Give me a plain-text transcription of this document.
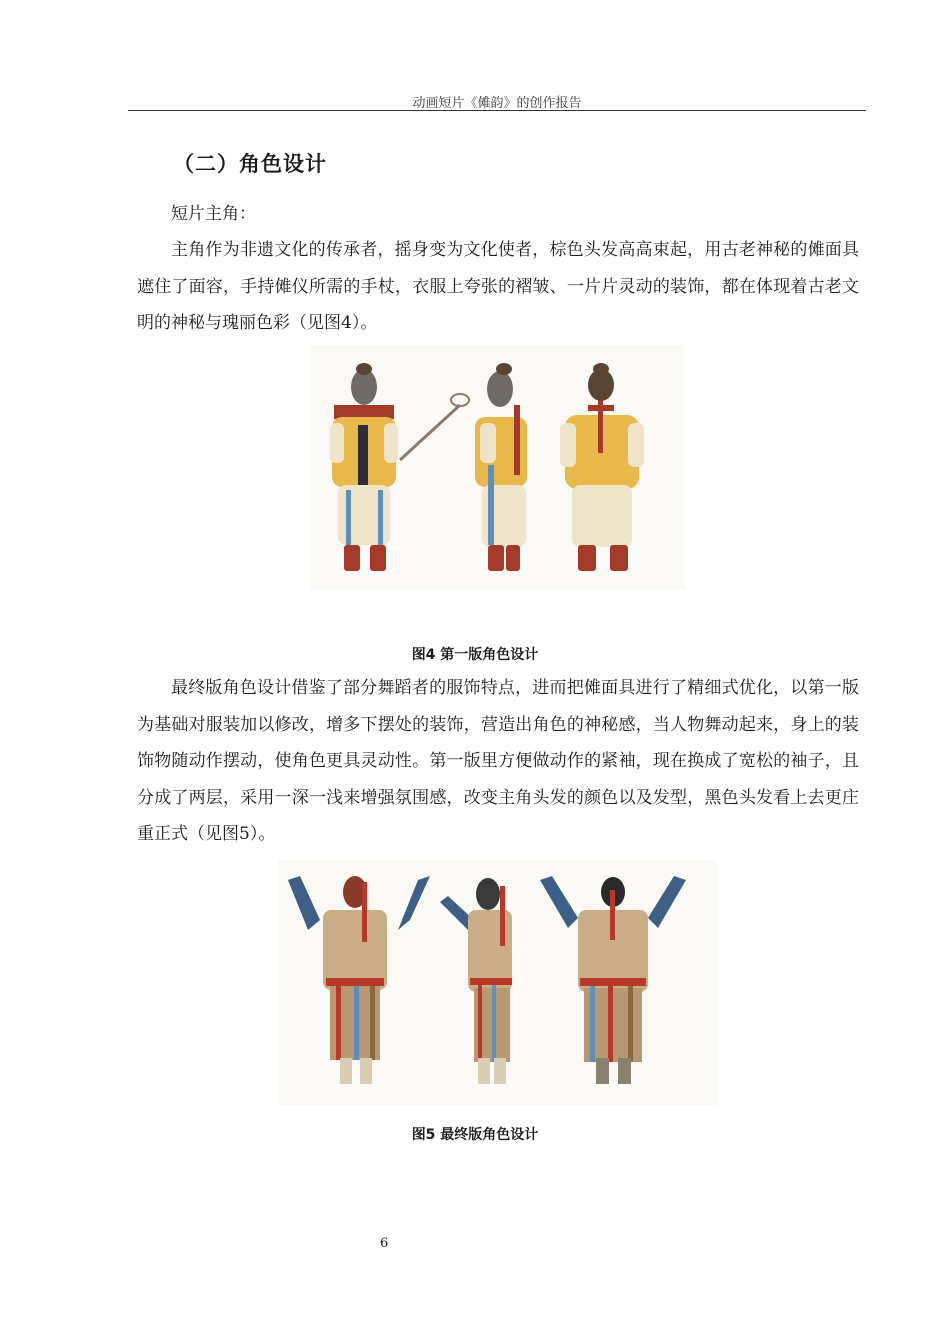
动画短片《傩韵》的创作报告
（二）角色设计

短片主角：

主角作为非遗文化的传承者，摇身变为文化使者，棕色头发高高束起，用古老神秘的傩面具遮住了面容，手持傩仪所需的手杖，衣服上夸张的褶皱、一片片灵动的装饰，都在体现着古老文明的神秘与瑰丽色彩（见图4）。

图4 第一版角色设计

最终版角色设计借鉴了部分舞蹈者的服饰特点，进而把傩面具进行了精细式优化，以第一版为基础对服装加以修改，增多下摆处的装饰，营造出角色的神秘感，当人物舞动起来，身上的装饰物随动作摆动，使角色更具灵动性。第一版里方便做动作的紧袖，现在换成了宽松的袖子，且分成了两层，采用一深一浅来增强氛围感，改变主角头发的颜色以及发型，黑色头发看上去更庄重正式（见图5）。

图5 最终版角色设计
6
